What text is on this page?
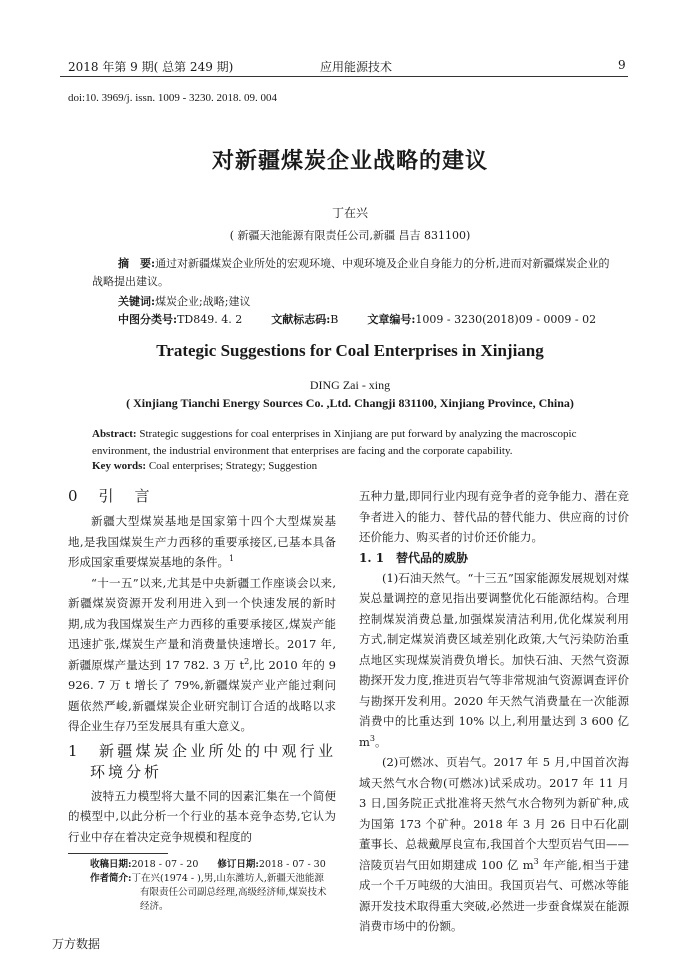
2018 年第 9 期( 总第 249 期)	应用能源技术	9
doi:10. 3969/j. issn. 1009 - 3230. 2018. 09. 004
对新疆煤炭企业战略的建议
丁在兴
( 新疆天池能源有限责任公司,新疆 昌吉 831100)
摘　要:通过对新疆煤炭企业所处的宏观环境、中观环境及企业自身能力的分析,进而对新疆煤炭企业的战略提出建议。
关键词:煤炭企业;战略;建议
中图分类号:TD849. 4. 2	文献标志码:B	文章编号:1009 - 3230(2018)09 - 0009 - 02
Trategic Suggestions for Coal Enterprises in Xinjiang
DING Zai - xing
( Xinjiang Tianchi Energy Sources Co. ,Ltd. Changji 831100, Xinjiang Province, China)
Abstract: Strategic suggestions for coal enterprises in Xinjiang are put forward by analyzing the macroscopic environment, the industrial environment that enterprises are facing and the corporate capability.
Key words: Coal enterprises; Strategy; Suggestion
0　引　言

新疆大型煤炭基地是国家第十四个大型煤炭基地,是我国煤炭生产力西移的重要承接区,已基本具备形成国家重要煤炭基地的条件。$^1$

“十一五”以来,尤其是中央新疆工作座谈会以来,新疆煤炭资源开发利用进入到一个快速发展的新时期,成为我国煤炭生产力西移的重要承接区,煤炭产能迅速扩张,煤炭生产量和消费量快速增长。2017 年,新疆原煤产量达到 17 782. 3 万 $t^2$,比 2010 年的 9 926. 7 万 t 增长了 79%,新疆煤炭产业产能过剩问题依然严峻,新疆煤炭企业研究制订合适的战略以求得企业生存乃至发展具有重大意义。

1　新疆煤炭企业所处的中观行业环境分析

波特五力模型将大量不同的因素汇集在一个简便的模型中,以此分析一个行业的基本竞争态势,它认为行业中存在着决定竞争规模和程度的

收稿日期:2018 - 07 - 20　　 修订日期:2018 - 07 - 30
作者简介:丁在兴(1974 - ),男,山东潍坊人,新疆天池能源
有限责任公司副总经理,高级经济师,煤炭技术
经济。

五种力量,即同行业内现有竞争者的竞争能力、潜在竞争者进入的能力、替代品的替代能力、供应商的讨价还价能力、购买者的讨价还价能力。

1. 1　替代品的威胁

(1)石油天然气。“十三五”国家能源发展规划对煤炭总量调控的意见指出要调整优化石能源结构。合理控制煤炭消费总量,加强煤炭清洁利用,优化煤炭利用方式,制定煤炭消费区域差别化政策,大气污染防治重点地区实现煤炭消费负增长。加快石油、天然气资源勘探开发力度,推进页岩气等非常规油气资源调查评价与勘探开发利用。2020 年天然气消费量在一次能源消费中的比重达到 10% 以上,利用量达到 3 600 亿 $m^3$。

(2)可燃冰、页岩气。2017 年 5 月,中国首次海域天然气水合物(可燃冰)试采成功。2017 年 11 月 3 日,国务院正式批准将天然气水合物列为新矿种,成为国第 173 个矿种。2018 年 3 月 26 日中石化副董事长、总裁戴厚良宣布,我国首个大型页岩气田——涪陵页岩气田如期建成 100 亿 $m^3$ 年产能,相当于建成一个千万吨级的大油田。我国页岩气、可燃冰等能源开发技术取得重大突破,必然进一步蚕食煤炭在能源消费市场中的份额。

万方数据
